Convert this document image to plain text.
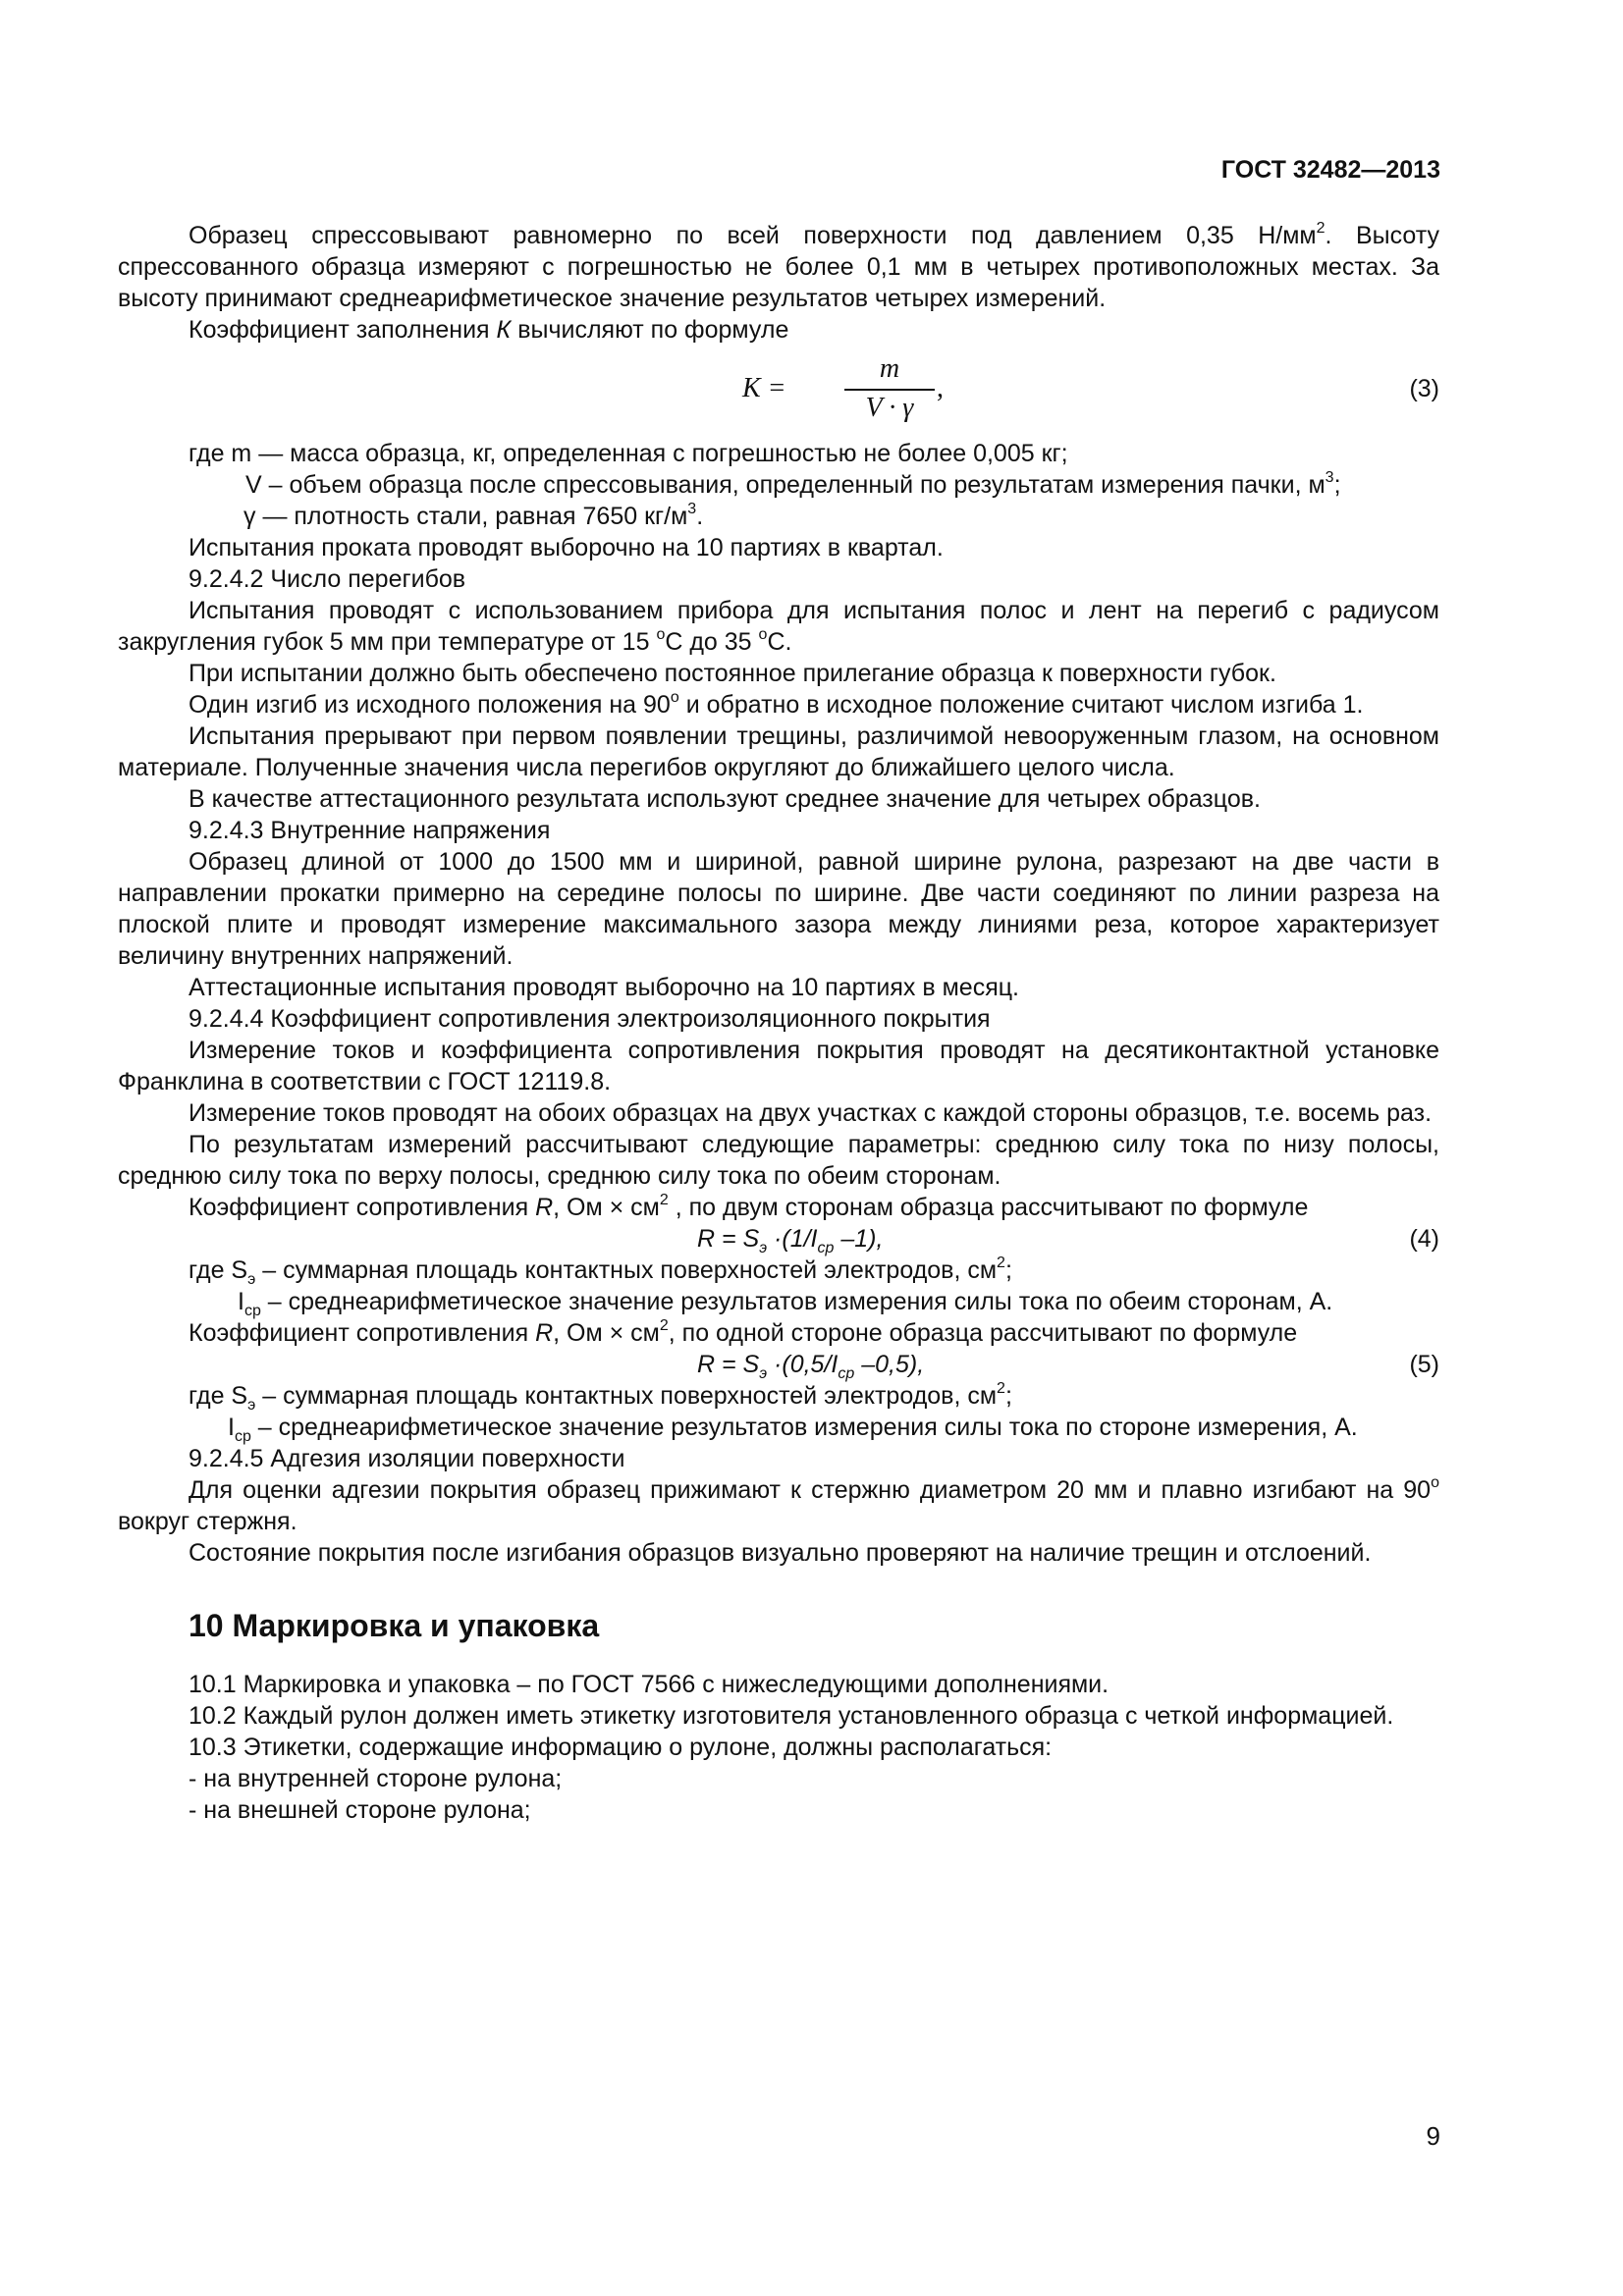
ГОСТ 32482—2013

Образец спрессовывают равномерно по всей поверхности под давлением 0,35 $Н/мм^2$. Высоту спрессованного образца измеряют с погрешностью не более 0,1 мм в четырех противоположных местах. За высоту принимают среднеарифметическое значение результатов четырех измерений.

Коэффициент заполнения К вычисляют по формуле

K =
m
V · γ
,	(3)

где m — масса образца, кг, определенная с погрешностью не более 0,005 кг;

V – объем образца после спрессовывания, определенный по результатам измерения пачки, $м^3$;

γ — плотность стали, равная 7650 $кг/м^3$.

Испытания проката проводят выборочно на 10 партиях в квартал.

9.2.4.2 Число перегибов

Испытания проводят с использованием прибора для испытания полос и лент на перегиб с радиусом закругления губок 5 мм при температуре от 15 $^о$С до 35 $^о$С.

При испытании должно быть обеспечено постоянное прилегание образца к поверхности губок.

Один изгиб из исходного положения на $90^о$ и обратно в исходное положение считают числом изгиба 1.

Испытания прерывают при первом появлении трещины, различимой невооруженным глазом, на основном материале. Полученные значения числа перегибов округляют до ближайшего целого числа.

В качестве аттестационного результата используют среднее значение для четырех образцов.

9.2.4.3 Внутренние напряжения

Образец длиной от 1000 до 1500 мм и шириной, равной ширине рулона, разрезают на две части в направлении прокатки примерно на середине полосы по ширине. Две части соединяют по линии разреза на плоской плите и проводят измерение максимального зазора между линиями реза, которое характеризует величину внутренних напряжений.

Аттестационные испытания проводят выборочно на 10 партиях в месяц.

9.2.4.4 Коэффициент сопротивления электроизоляционного покрытия

Измерение токов и коэффициента сопротивления покрытия проводят на десятиконтактной установке Франклина в соответствии с ГОСТ 12119.8.

Измерение токов проводят на обоих образцах на двух участках с каждой стороны образцов, т.е. восемь раз.

По результатам измерений рассчитывают следующие параметры: среднюю силу тока по низу полосы, среднюю силу тока по верху полосы, среднюю силу тока по обеим сторонам.

Коэффициент сопротивления R, Ом × $см^2$ , по двум сторонам образца рассчитывают по формуле

$R = S_э \cdot(1/I_{ср}$ –1),	(4)

где $S_э$ – суммарная площадь контактных поверхностей электродов, $см^2$;

$I_{ср}$ – среднеарифметическое значение результатов измерения силы тока по обеим сторонам, А.

Коэффициент сопротивления R, Ом × $см^2$, по одной стороне образца рассчитывают по формуле

$R = S_э \cdot(0,5/I_{ср}$ –0,5),	(5)

где $S_э$ – суммарная площадь контактных поверхностей электродов, $см^2$;

$I_{ср}$ – среднеарифметическое значение результатов измерения силы тока по стороне измерения, А.

9.2.4.5 Адгезия изоляции поверхности

Для оценки адгезии покрытия образец прижимают к стержню диаметром 20 мм и плавно изгибают на $90^о$ вокруг стержня.

Состояние покрытия после изгибания образцов визуально проверяют на наличие трещин и отслоений.

10 Маркировка и упаковка

10.1 Маркировка и упаковка – по ГОСТ 7566 с нижеследующими дополнениями.

10.2 Каждый рулон должен иметь этикетку изготовителя установленного образца с четкой информацией.

10.3 Этикетки, содержащие информацию о рулоне, должны располагаться:

- на внутренней стороне рулона;

- на внешней стороне рулона;

9
